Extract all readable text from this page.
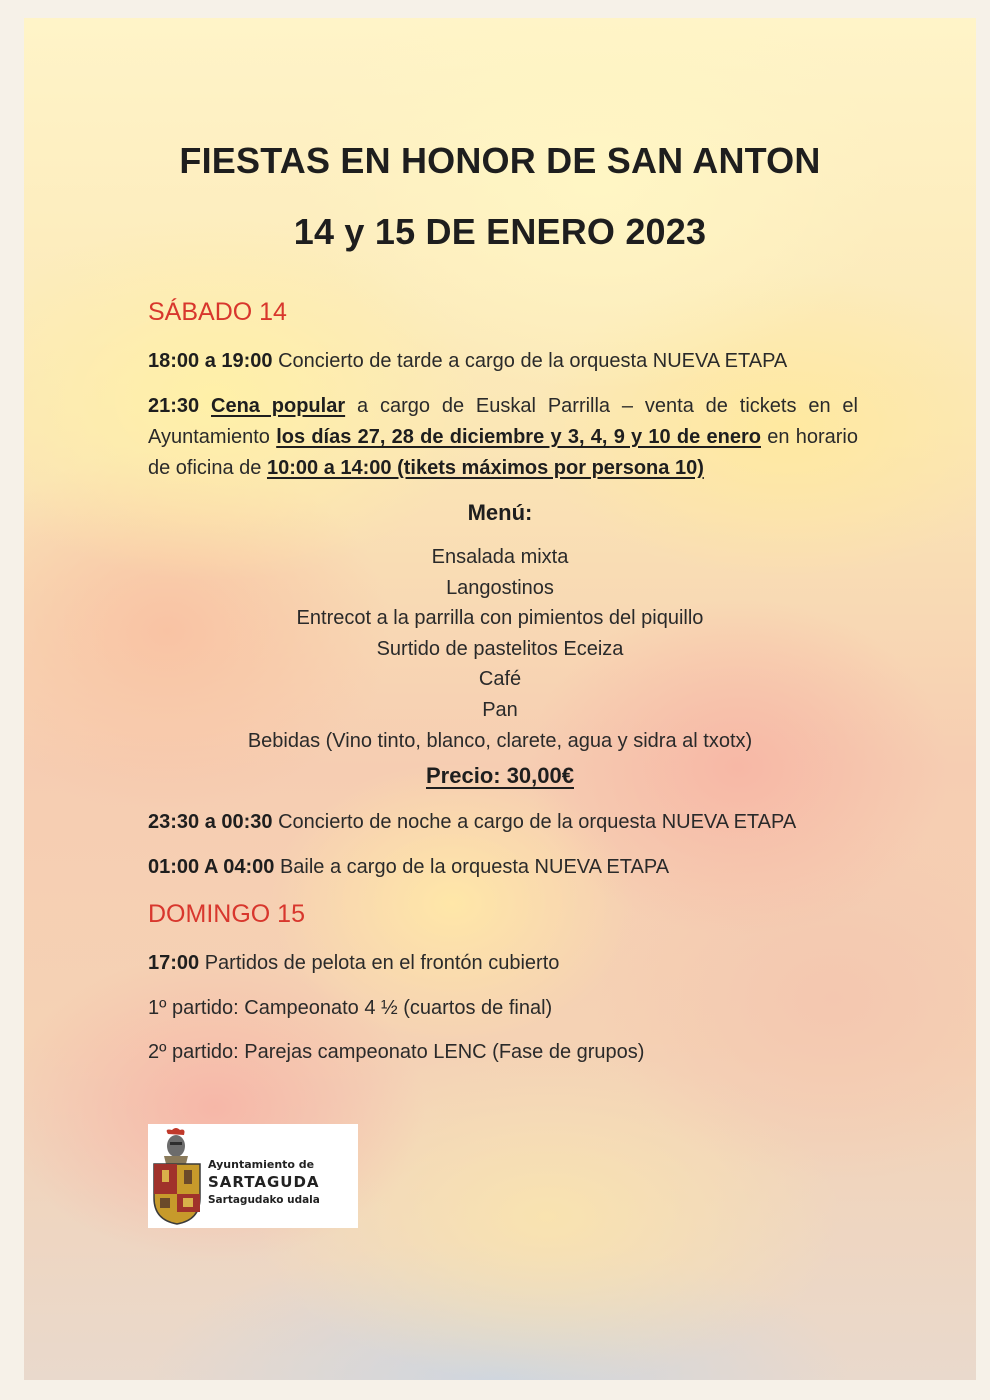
FIESTAS EN HONOR DE SAN ANTON
14 y 15 DE ENERO 2023
SÁBADO 14
18:00 a 19:00 Concierto de tarde a cargo de la orquesta NUEVA ETAPA
21:30 Cena popular a cargo de Euskal Parrilla – venta de tickets en el Ayuntamiento los días 27, 28 de diciembre y 3, 4, 9 y 10 de enero en horario de oficina de 10:00 a 14:00 (tikets máximos por persona 10)
Menú:
Ensalada mixta
Langostinos
Entrecot a la parrilla con pimientos del piquillo
Surtido de pastelitos Eceiza
Café
Pan
Bebidas (Vino tinto, blanco, clarete, agua y sidra al txotx)
Precio: 30,00€
23:30 a 00:30 Concierto de noche a cargo de la orquesta NUEVA ETAPA
01:00 A 04:00 Baile a cargo de la orquesta NUEVA ETAPA
DOMINGO 15
17:00 Partidos de pelota en el frontón cubierto
1º partido: Campeonato 4 ½ (cuartos de final)
2º partido: Parejas campeonato LENC (Fase de grupos)
Ayuntamiento de
SARTAGUDA
Sartagudako udala
